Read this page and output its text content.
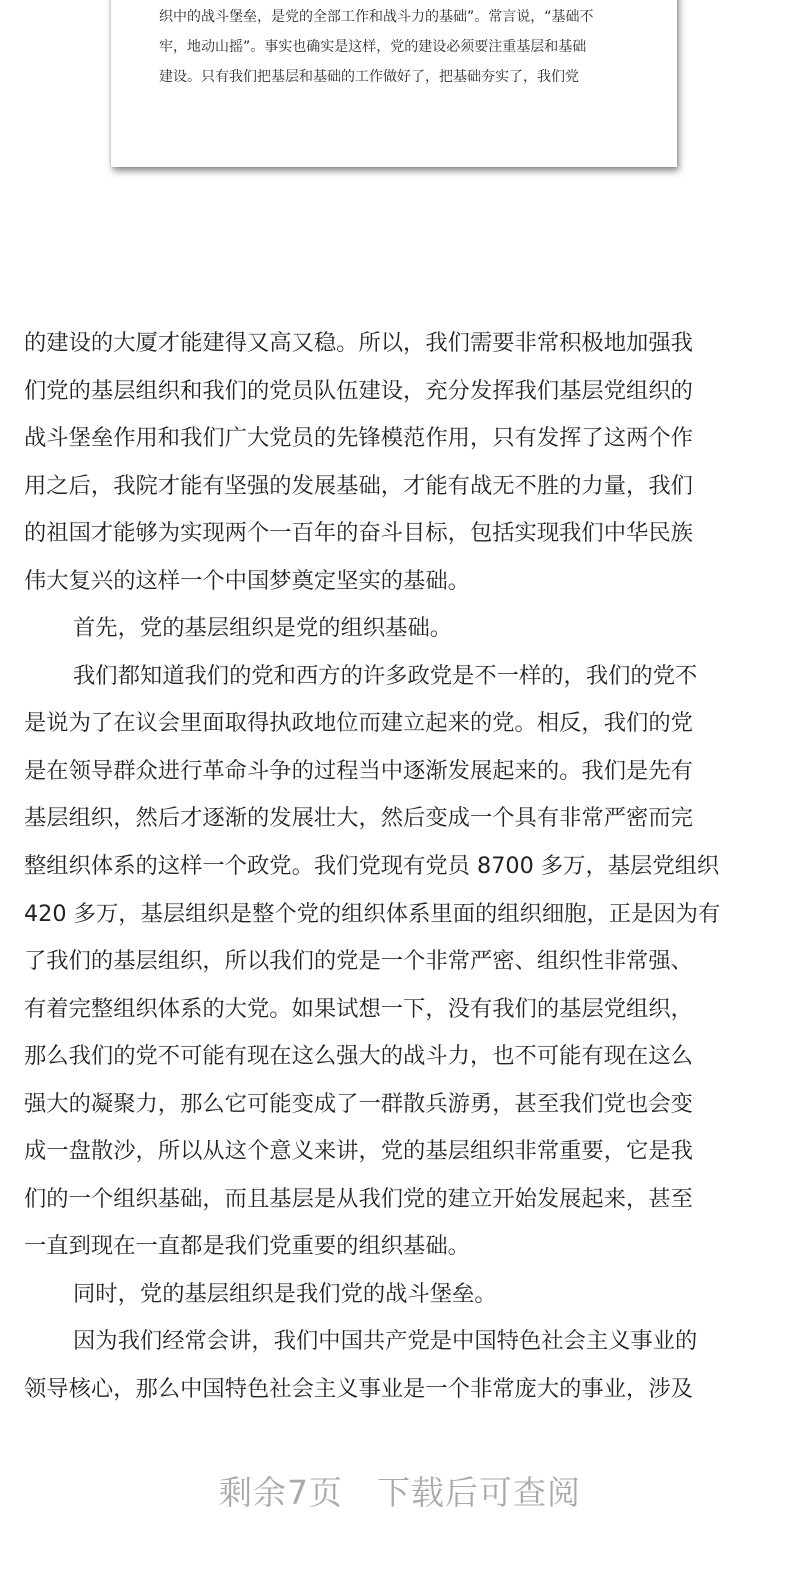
织中的战斗堡垒，是党的全部工作和战斗力的基础”。常言说，“基础不
牢，地动山摇”。事实也确实是这样，党的建设必须要注重基层和基础
建设。只有我们把基层和基础的工作做好了，把基础夯实了，我们党
的建设的大厦才能建得又高又稳。所以，我们需要非常积极地加强我
们党的基层组织和我们的党员队伍建设，充分发挥我们基层党组织的
战斗堡垒作用和我们广大党员的先锋模范作用，只有发挥了这两个作
用之后，我院才能有坚强的发展基础，才能有战无不胜的力量，我们
的祖国才能够为实现两个一百年的奋斗目标，包括实现我们中华民族
伟大复兴的这样一个中国梦奠定坚实的基础。
首先，党的基层组织是党的组织基础。
我们都知道我们的党和西方的许多政党是不一样的，我们的党不
是说为了在议会里面取得执政地位而建立起来的党。相反，我们的党
是在领导群众进行革命斗争的过程当中逐渐发展起来的。我们是先有
基层组织，然后才逐渐的发展壮大，然后变成一个具有非常严密而完
整组织体系的这样一个政党。我们党现有党员 8700 多万，基层党组织
420 多万，基层组织是整个党的组织体系里面的组织细胞，正是因为有
了我们的基层组织，所以我们的党是一个非常严密、组织性非常强、
有着完整组织体系的大党。如果试想一下，没有我们的基层党组织，
那么我们的党不可能有现在这么强大的战斗力，也不可能有现在这么
强大的凝聚力，那么它可能变成了一群散兵游勇，甚至我们党也会变
成一盘散沙，所以从这个意义来讲，党的基层组织非常重要，它是我
们的一个组织基础，而且基层是从我们党的建立开始发展起来，甚至
一直到现在一直都是我们党重要的组织基础。
同时，党的基层组织是我们党的战斗堡垒。
因为我们经常会讲，我们中国共产党是中国特色社会主义事业的
领导核心，那么中国特色社会主义事业是一个非常庞大的事业，涉及
剩余7页 下载后可查阅
